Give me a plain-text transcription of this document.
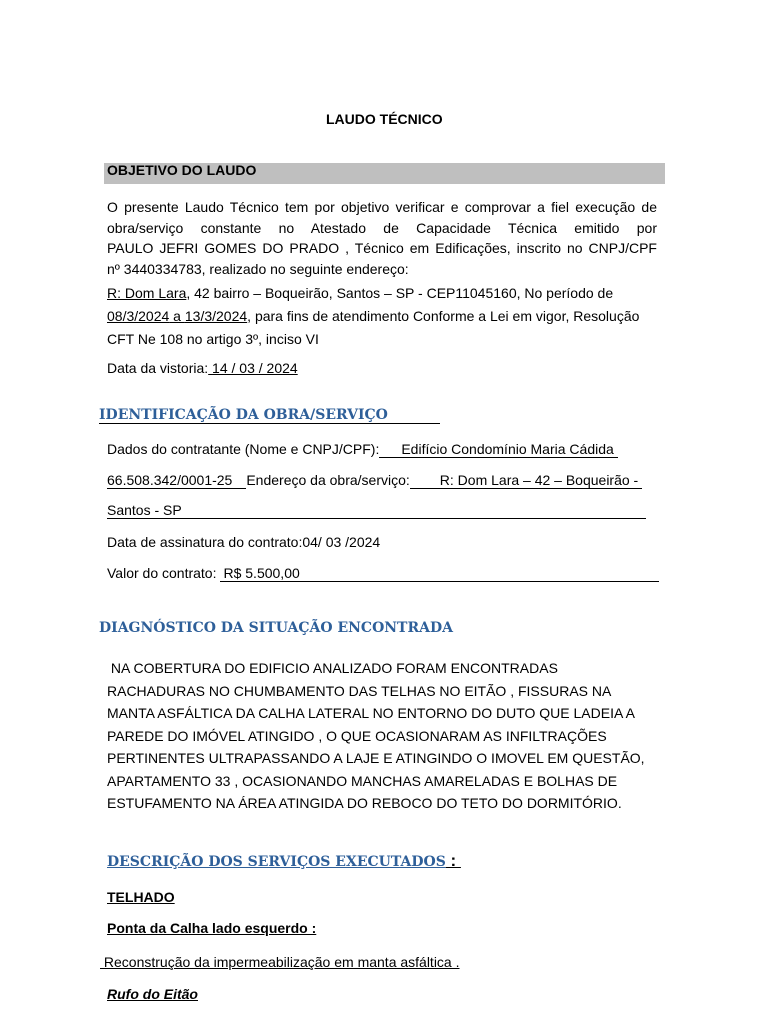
LAUDO TÉCNICO
OBJETIVO DO LAUDO
O presente Laudo Técnico tem por objetivo verificar e comprovar a fiel execução de
obra/serviço constante no Atestado de Capacidade Técnica emitido por
PAULO JEFRI GOMES DO PRADO , Técnico em Edificações, inscrito no CNPJ/CPF
nº 3440334783, realizado no seguinte endereço:
R: Dom Lara, 42 bairro – Boqueirão, Santos – SP - CEP11045160, No período de
08/3/2024 a 13/3/2024, para fins de atendimento Conforme a Lei em vigor, Resolução
CFT Ne 108 no artigo 3º, inciso VI
Data da vistoria: 14 / 03 / 2024
IDENTIFICAÇÃO DA OBRA/SERVIÇO
Dados do contratante (Nome e CNPJ/CPF): Edifício Condomínio Maria Cádida
66.508.342/0001-25 Endereço da obra/serviço: R: Dom Lara – 42 – Boqueirão -
Santos - SP
Data de assinatura do contrato:04/ 03 /2024
Valor do contrato: R$ 5.500,00
DIAGNÓSTICO DA SITUAÇÃO ENCONTRADA
NA COBERTURA DO EDIFICIO ANALIZADO FORAM ENCONTRADAS
RACHADURAS NO CHUMBAMENTO DAS TELHAS NO EITÃO , FISSURAS NA
MANTA ASFÁLTICA DA CALHA LATERAL NO ENTORNO DO DUTO QUE LADEIA A
PAREDE DO IMÓVEL ATINGIDO , O QUE OCASIONARAM AS INFILTRAÇÕES
PERTINENTES ULTRAPASSANDO A LAJE E ATINGINDO O IMOVEL EM QUESTÃO,
APARTAMENTO 33 , OCASIONANDO MANCHAS AMARELADAS E BOLHAS DE
ESTUFAMENTO NA ÁREA ATINGIDA DO REBOCO DO TETO DO DORMITÓRIO.
DESCRIÇÃO DOS SERVIÇOS EXECUTADOS :
TELHADO
Ponta da Calha lado esquerdo :
Reconstrução da impermeabilização em manta asfáltica .
Rufo do Eitão
